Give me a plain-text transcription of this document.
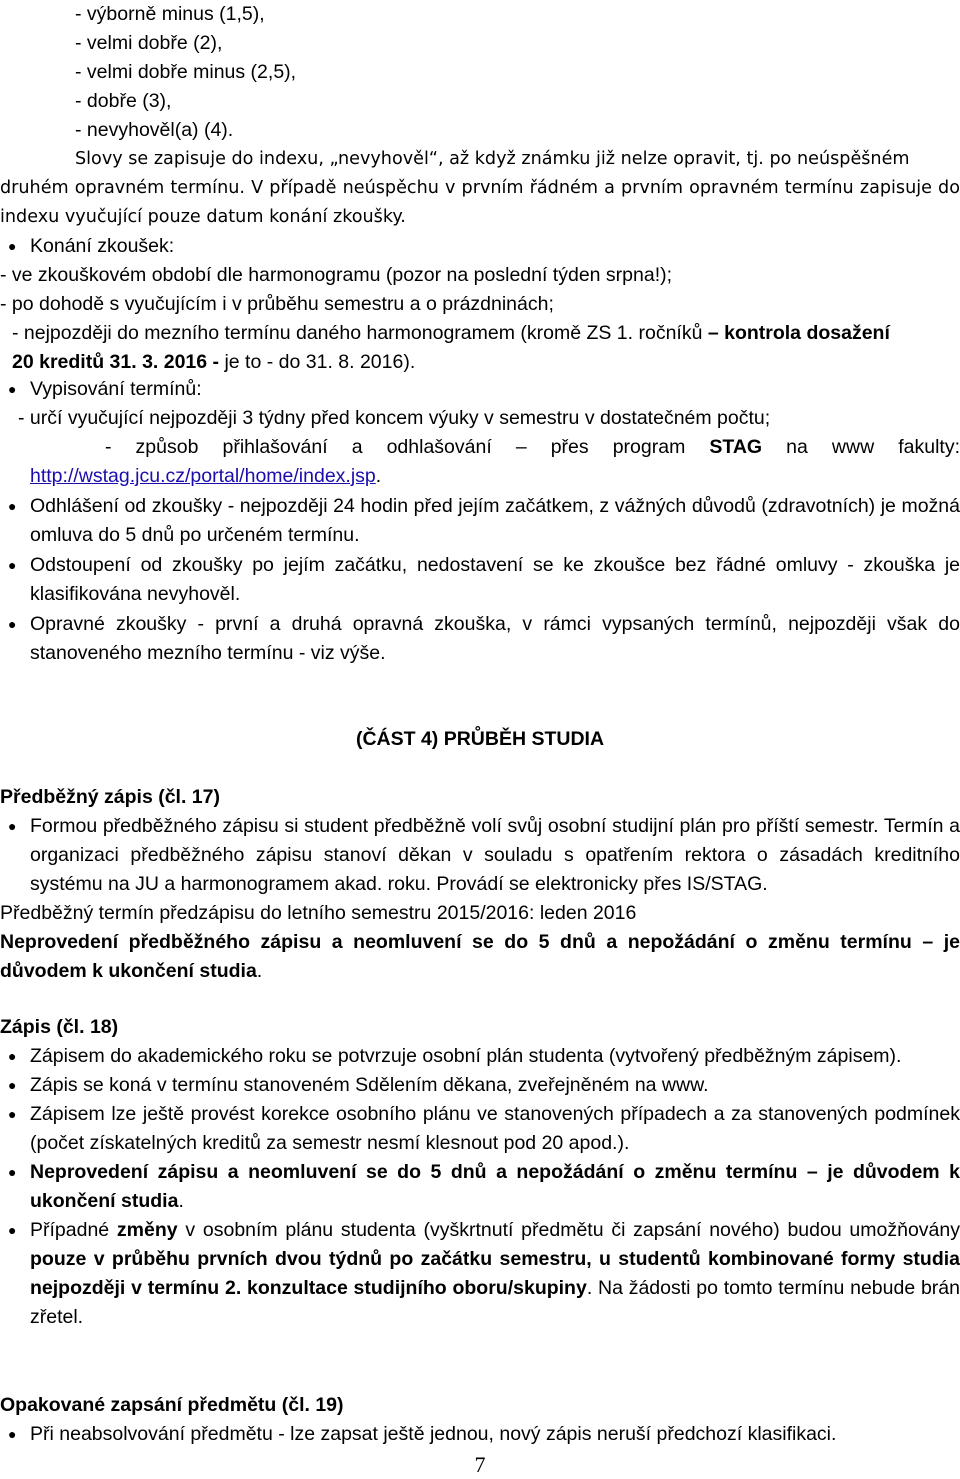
- výborně minus (1,5),

- velmi dobře (2),

- velmi dobře minus (2,5),

- dobře (3),

- nevyhověl(a) (4).

Slovy se zapisuje do indexu, „nevyhověl“, až když známku již nelze opravit, tj. po neúspěšném

druhém opravném termínu. V případě neúspěchu v prvním řádném a prvním opravném termínu zapisuje do indexu vyučující pouze datum konání zkoušky.

● Konání zkoušek:

- ve zkouškovém období dle harmonogramu (pozor na poslední týden srpna!);

- po dohodě s vyučujícím i v průběhu semestru a o prázdninách;

- nejpozději do mezního termínu daného harmonogramem (kromě ZS 1. ročníků – kontrola dosažení 20 kreditů 31. 3. 2016 - je to - do 31. 8. 2016).

● Vypisování termínů:

- určí vyučující nejpozději 3 týdny před koncem výuky v semestru v dostatečném počtu;

- způsob přihlašování a odhlašování – přes program STAG na www fakulty:

http://wstag.jcu.cz/portal/home/index.jsp.

● Odhlášení od zkoušky - nejpozději 24 hodin před jejím začátkem, z vážných důvodů (zdravotních) je možná omluva do 5 dnů po určeném termínu.
● Odstoupení od zkoušky po jejím začátku, nedostavení se ke zkoušce bez řádné omluvy - zkouška je klasifikována nevyhověl.
● Opravné zkoušky - první a druhá opravná zkouška, v rámci vypsaných termínů, nejpozději však do stanoveného mezního termínu - viz výše.
(ČÁST 4) PRŮBĚH STUDIA

Předběžný zápis (čl. 17)

● Formou předběžného zápisu si student předběžně volí svůj osobní studijní plán pro příští semestr. Termín a organizaci předběžného zápisu stanoví děkan v souladu s opatřením rektora o zásadách kreditního systému na JU a harmonogramem akad. roku. Provádí se elektronicky přes IS/STAG.

Předběžný termín předzápisu do letního semestru 2015/2016: leden 2016

Neprovedení předběžného zápisu a neomluvení se do 5 dnů a nepožádání o změnu termínu – je důvodem k ukončení studia.

Zápis (čl. 18)

● Zápisem do akademického roku se potvrzuje osobní plán studenta (vytvořený předběžným zápisem).
● Zápis se koná v termínu stanoveném Sdělením děkana, zveřejněném na www.
● Zápisem lze ještě provést korekce osobního plánu ve stanovených případech a za stanovených podmínek (počet získatelných kreditů za semestr nesmí klesnout pod 20 apod.).
● Neprovedení zápisu a neomluvení se do 5 dnů a nepožádání o změnu termínu – je důvodem k ukončení studia.
● Případné změny v osobním plánu studenta (vyškrtnutí předmětu či zapsání nového) budou umožňovány pouze v průběhu prvních dvou týdnů po začátku semestru, u studentů kombinované formy studia nejpozději v termínu 2. konzultace studijního oboru/skupiny. Na žádosti po tomto termínu nebude brán zřetel.

Opakované zapsání předmětu (čl. 19)

● Při neabsolvování předmětu - lze zapsat ještě jednou, nový zápis neruší předchozí klasifikaci.
7
